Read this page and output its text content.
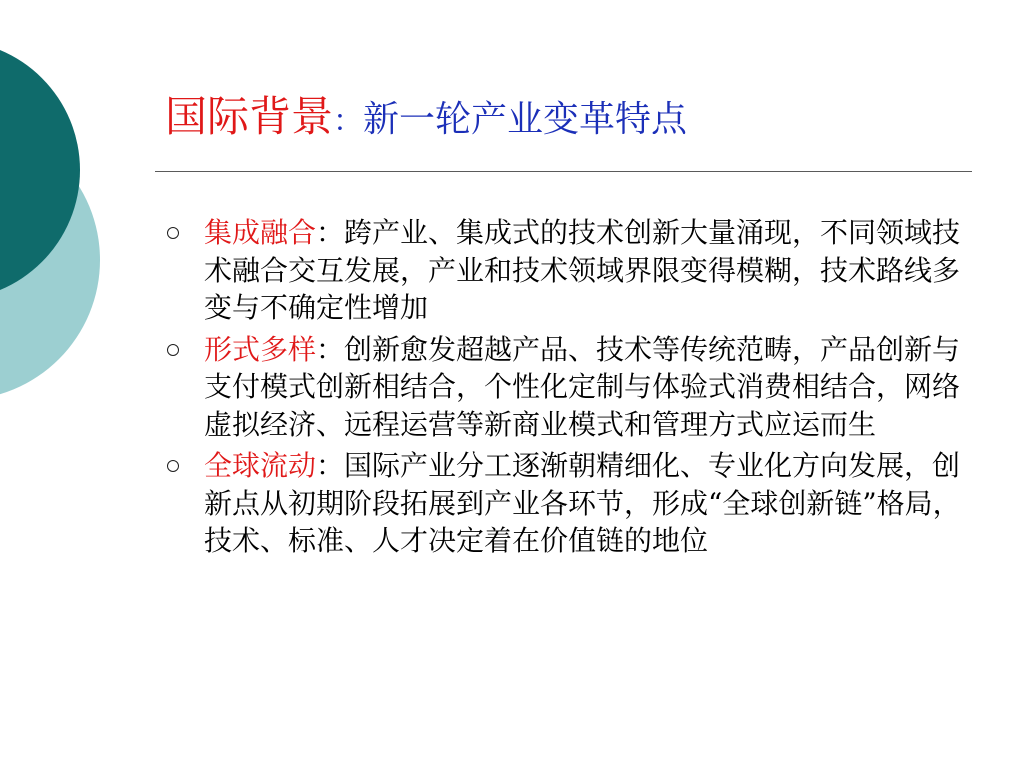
国际背景：新一轮产业变革特点
集成融合：跨产业、集成式的技术创新大量涌现，不同领域技术融合交互发展，产业和技术领域界限变得模糊，技术路线多变与不确定性增加
形式多样：创新愈发超越产品、技术等传统范畴，产品创新与支付模式创新相结合，个性化定制与体验式消费相结合，网络虚拟经济、远程运营等新商业模式和管理方式应运而生
全球流动：国际产业分工逐渐朝精细化、专业化方向发展，创新点从初期阶段拓展到产业各环节，形成“全球创新链”格局，技术、标准、人才决定着在价值链的地位
